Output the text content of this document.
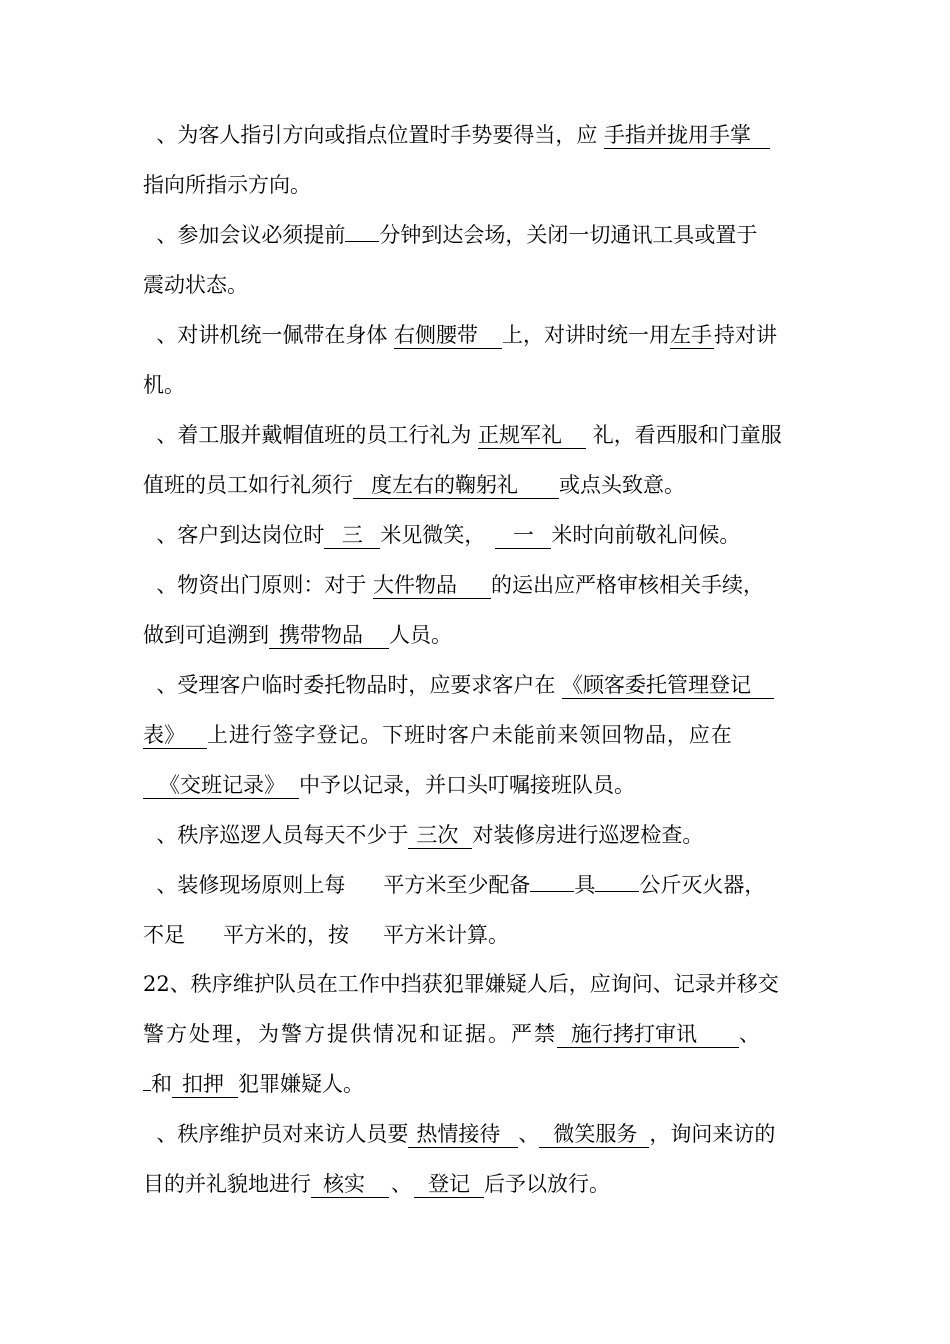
、为客人指引方向或指点位置时手势要得当，应 手指并拢用手掌
指向所指示方向。
、参加会议必须提前 分钟到达会场，关闭一切通讯工具或置于
震动状态。
、对讲机统一佩带在身体 右侧腰带 上，对讲时统一用左手持对讲
机。
、着工服并戴帽值班的员工行礼为 正规军礼 礼，看西服和门童服
值班的员工如行礼须行 度左右的鞠躬礼 或点头致意。
、客户到达岗位时 三 米见微笑， 一 米时向前敬礼问候。
、物资出门原则：对于 大件物品 的运出应严格审核相关手续，
做到可追溯到 携带物品 人员。
、受理客户临时委托物品时，应要求客户在 《顾客委托管理登记
表》 上进行签字登记。下班时客户未能前来领回物品，应在
《交班记录》 中予以记录，并口头叮嘱接班队员。
、秩序巡逻人员每天不少于 三次 对装修房进行巡逻检查。
、装修现场原则上每 平方米至少配备 具 公斤灭火器，
不足 平方米的，按 平方米计算。
22、秩序维护队员在工作中挡获犯罪嫌疑人后，应询问、记录并移交
警方处理，为警方提供情况和证据。严禁 施行拷打审讯 、
和 扣押 犯罪嫌疑人。
、秩序维护员对来访人员要 热情接待 、 微笑服务 ，询问来访的
目的并礼貌地进行 核实 、 登记 后予以放行。
